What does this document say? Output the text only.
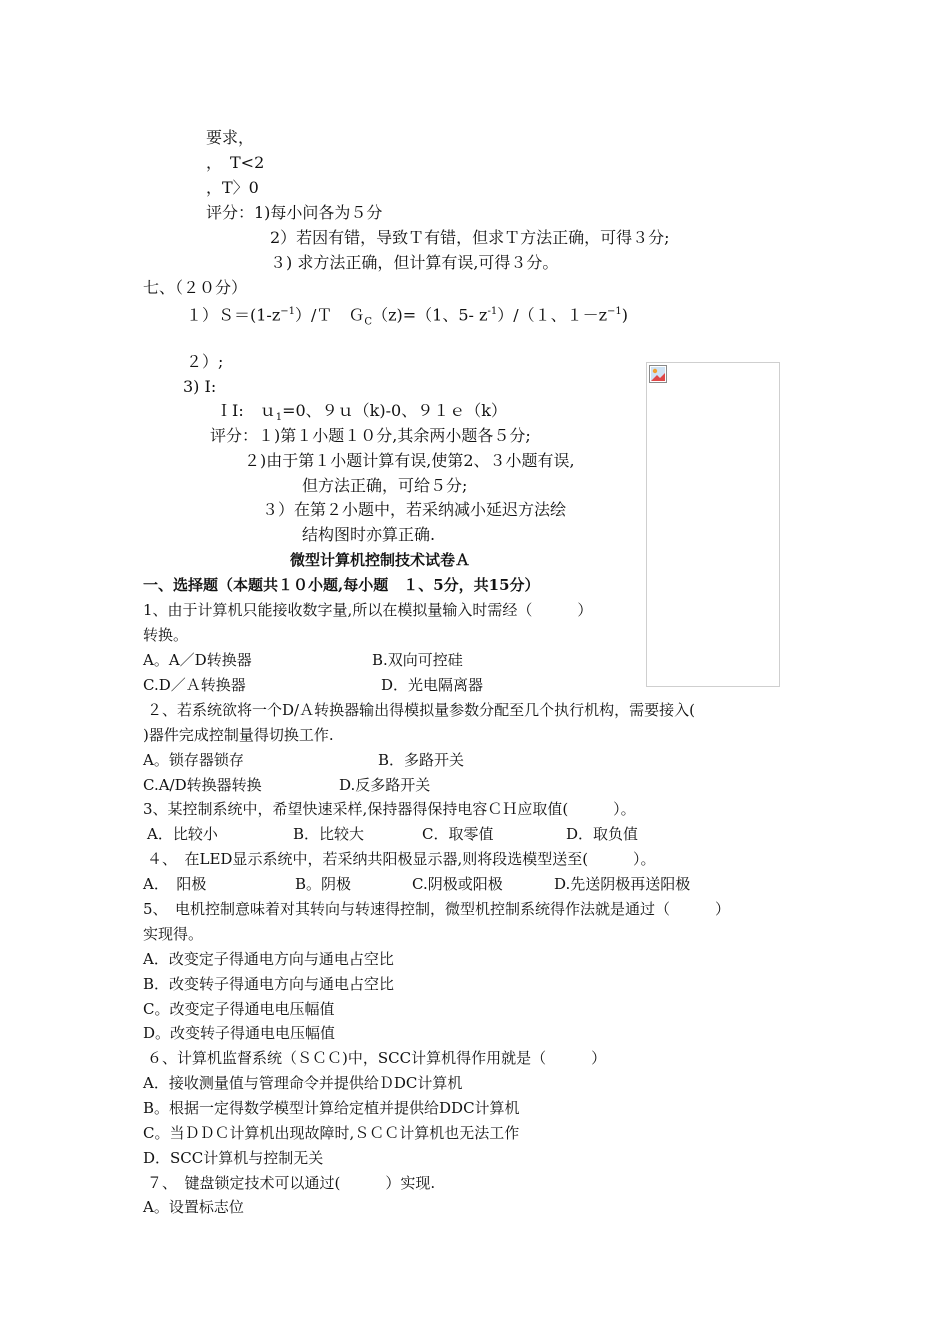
要求，
，　T<2
，T〉0
评分：1)每小问各为５分
2）若因有错，导致Ｔ有错，但求Ｔ方法正确，可得３分;
３) 求方法正确，但计算有误,可得３分。
七、（２０分）
$1)S=(1-z^{-1})/T$　Ｇ$_C$（z)=（1、5- $z^{-1})/(1$、$1-z^{-1}$)
２）;
3) I:
ＩI:　ｕ$_1$=0、９ｕ（k)-0、９１ｅ（k）
评分：１)第１小题１０分,其余两小题各５分;
２)由于第１小题计算有误,使第2、３小题有误,
但方法正确，可给５分;
３）在第２小题中，若采纳减小延迟方法绘
结构图时亦算正确.
微型计算机控制技术试卷Ａ
一、选择题（本题共１０小题,每小题　１、5分，共15分）
1、由于计算机只能接收数字量,所以在模拟量输入时需经（　　　）
转换。
A。A／D转换器	B.双向可控硅
C.D／Ａ转换器	D．光电隔离器
２、若系统欲将一个D/Ａ转换器输出得模拟量参数分配至几个执行机构，需要接入(
)器件完成控制量得切换工作.
A。锁存器锁存	B．多路开关
C.A/D转换器转换	D.反多路开关
3、某控制系统中，希望快速采样,保持器得保持电容ＣＨ应取值(　　　）。
A．比较小	B．比较大	C．取零值	D．取负值
４、　在LED显示系统中，若采纳共阳极显示器,则将段选模型送至(　　　）。
A．　阳极	B。阴极	C.阴极或阳极	D.先送阴极再送阳极
5、　电机控制意味着对其转向与转速得控制，微型机控制系统得作法就是通过（　　　）
实现得。
A．改变定子得通电方向与通电占空比
B．改变转子得通电方向与通电占空比
C。改变定子得通电电压幅值
D。改变转子得通电电压幅值
６、计算机监督系统（ＳＣＣ)中，SCC计算机得作用就是（　　　）
A．接收测量值与管理命令并提供给ＤDC计算机
B。根据一定得数学模型计算给定植并提供给DDC计算机
C。当ＤＤＣ计算机出现故障时,ＳＣＣ计算机也无法工作
D．SCC计算机与控制无关
７、　键盘锁定技术可以通过(　　　）实现.
A。设置标志位
